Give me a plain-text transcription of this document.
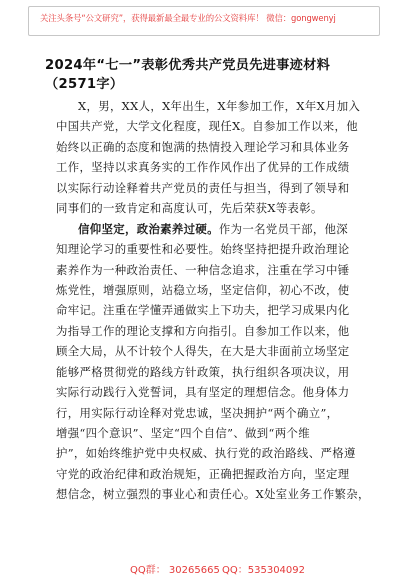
关注头条号“公文研究”，获得最新最全最专业的公文资料库！ 微信：gongwenyj
2024年“七一”表彰优秀共产党员先进事迹材料（2571字）
X，男，XX人，X年出生，X年参加工作，X年X月加入
中国共产党，大学文化程度，现任X。自参加工作以来，他
始终以正确的态度和饱满的热情投入理论学习和具体业务
工作，坚持以求真务实的工作作风作出了优异的工作成绩
以实际行动诠释着共产党员的责任与担当，得到了领导和
同事们的一致肯定和高度认可，先后荣获X等表彰。
信仰坚定，政治素养过硬。作为一名党员干部，他深
知理论学习的重要性和必要性。始终坚持把提升政治理论
素养作为一种政治责任、一种信念追求，注重在学习中锤
炼党性，增强原则，站稳立场，坚定信仰，初心不改，使
命牢记。注重在学懂弄通做实上下功夫，把学习成果内化
为指导工作的理论支撑和方向指引。自参加工作以来，他
顾全大局，从不计较个人得失，在大是大非面前立场坚定
能够严格贯彻党的路线方针政策，执行组织各项决议，用
实际行动践行入党誓词，具有坚定的理想信念。他身体力
行，用实际行动诠释对党忠诚，坚决拥护“两个确立”，
增强“四个意识”、坚定“四个自信”、做到“两个维
护”，如始终维护党中央权威、执行党的政治路线、严格遵
守党的政治纪律和政治规矩，正确把握政治方向，坚定理
想信念，树立强烈的事业心和责任心。X处室业务工作繁杂，
QQ群： 30265665 QQ：535304092
